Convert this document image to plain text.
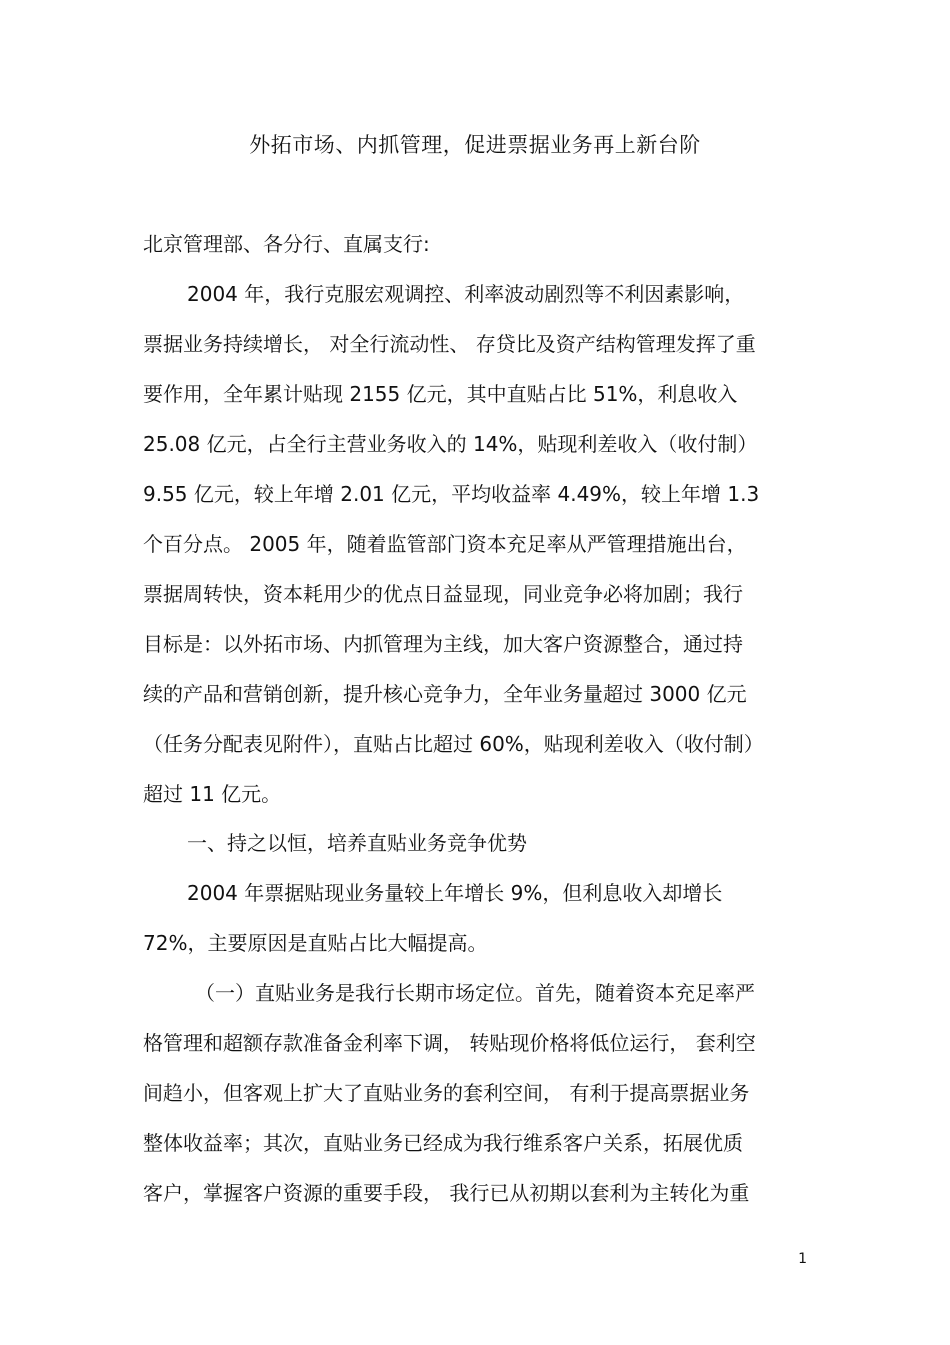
外拓市场、内抓管理，促进票据业务再上新台阶
北京管理部、各分行、直属支行:
2004 年，我行克服宏观调控、利率波动剧烈等不利因素影响，
票据业务持续增长， 对全行流动性、 存贷比及资产结构管理发挥了重
要作用，全年累计贴现 2155 亿元，其中直贴占比 51%，利息收入
25.08 亿元，占全行主营业务收入的 14%，贴现利差收入（收付制）
9.55 亿元，较上年增 2.01 亿元，平均收益率 4.49%，较上年增 1.3
个百分点。 2005 年，随着监管部门资本充足率从严管理措施出台，
票据周转快，资本耗用少的优点日益显现，同业竞争必将加剧；我行
目标是：以外拓市场、内抓管理为主线，加大客户资源整合，通过持
续的产品和营销创新，提升核心竞争力，全年业务量超过 3000 亿元
（任务分配表见附件），直贴占比超过 60%，贴现利差收入（收付制）
超过 11 亿元。
一、持之以恒，培养直贴业务竞争优势
2004 年票据贴现业务量较上年增长 9%，但利息收入却增长
72%，主要原因是直贴占比大幅提高。
（一）直贴业务是我行长期市场定位。首先，随着资本充足率严
格管理和超额存款准备金利率下调， 转贴现价格将低位运行， 套利空
间趋小，但客观上扩大了直贴业务的套利空间， 有利于提高票据业务
整体收益率；其次，直贴业务已经成为我行维系客户关系，拓展优质
客户，掌握客户资源的重要手段， 我行已从初期以套利为主转化为重
1
